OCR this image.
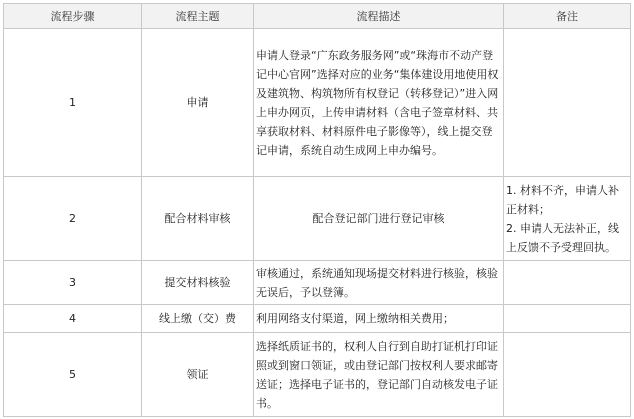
流程步骤	流程主题	流程描述	备注
1	申请	申请人登录“广东政务服务网”或“珠海市不动产登记中心官网”选择对应的业务“集体建设用地使用权及建筑物、构筑物所有权登记（转移登记）”进入网上申办网页，上传申请材料（含电子签章材料、共享获取材料、材料原件电子影像等），线上提交登记申请，系统自动生成网上申办编号。	
2	配合材料审核	配合登记部门进行登记审核	1. 材料不齐，申请人补正材料；
2. 申请人无法补正，线上反馈不予受理回执。

3	提交材料核验	审核通过，系统通知现场提交材料进行核验，核验无误后，予以登簿。	
4	线上缴（交）费	利用网络支付渠道，网上缴纳相关费用；	
5	领证	选择纸质证书的，权利人自行到自助打证机打印证照或到窗口领证，或由登记部门按权利人要求邮寄送证；选择电子证书的，登记部门自动核发电子证书。	
